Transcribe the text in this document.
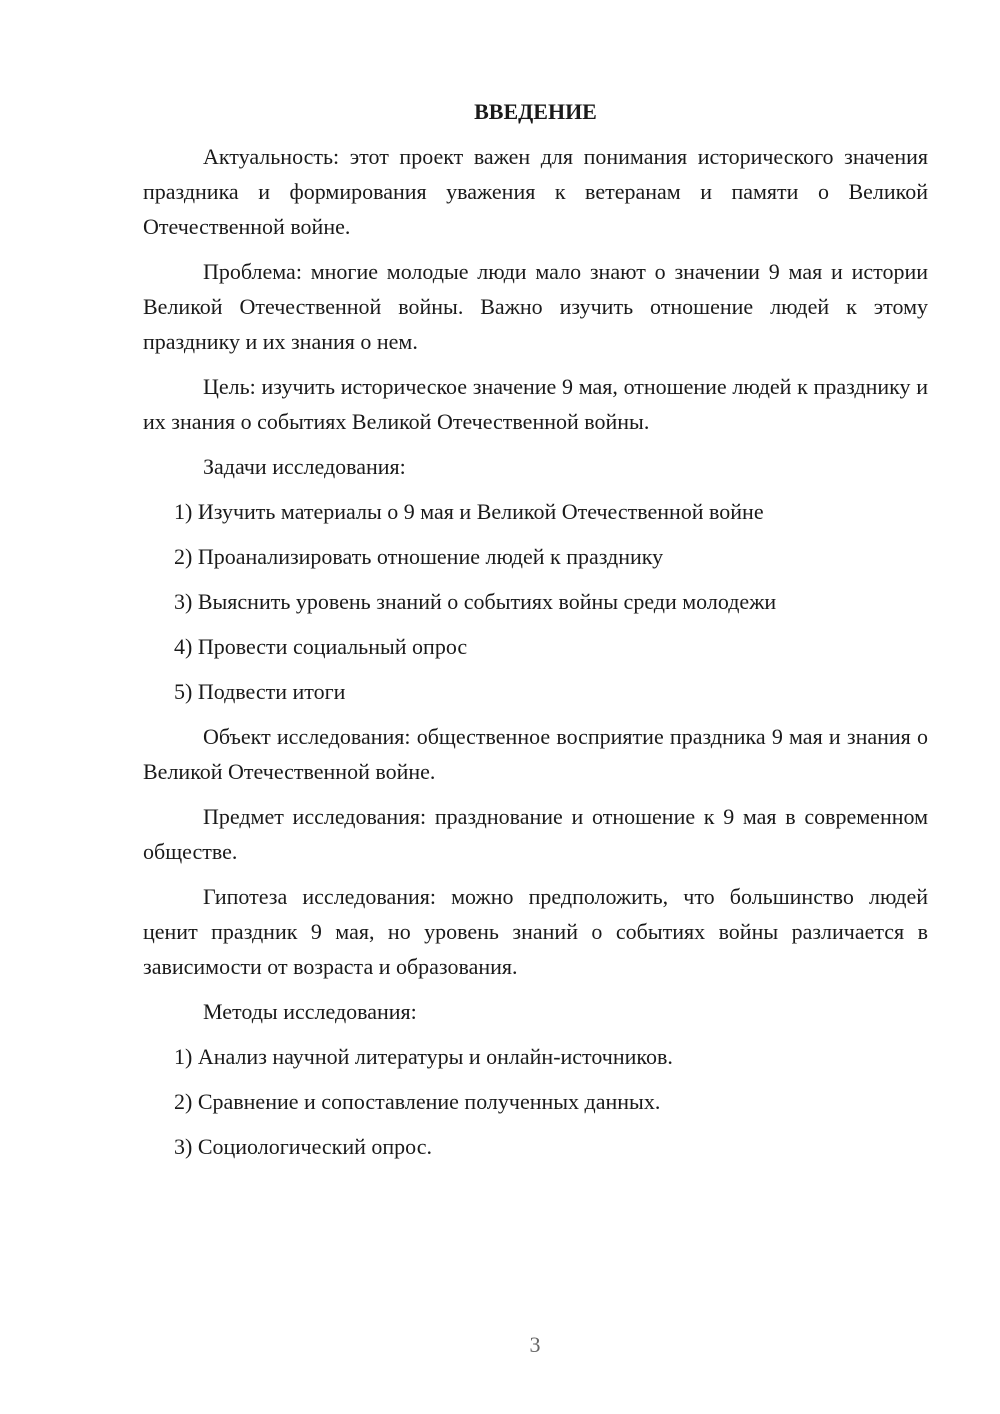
ВВЕДЕНИЕ
Актуальность: этот проект важен для понимания исторического значения праздника и формирования уважения к ветеранам и памяти о Великой Отечественной войне.
Проблема: многие молодые люди мало знают о значении 9 мая и истории Великой Отечественной войны. Важно изучить отношение людей к этому празднику и их знания о нем.
Цель: изучить историческое значение 9 мая, отношение людей к празднику и их знания о событиях Великой Отечественной войны.
Задачи исследования:
1) Изучить материалы о 9 мая и Великой Отечественной войне
2) Проанализировать отношение людей к празднику
3) Выяснить уровень знаний о событиях войны среди молодежи
4) Провести социальный опрос
5) Подвести итоги
Объект исследования: общественное восприятие праздника 9 мая и знания о Великой Отечественной войне.
Предмет исследования: празднование и отношение к 9 мая в современном обществе.
Гипотеза исследования: можно предположить, что большинство людей ценит праздник 9 мая, но уровень знаний о событиях войны различается в зависимости от возраста и образования.
Методы исследования:
1) Анализ научной литературы и онлайн-источников.
2) Сравнение и сопоставление полученных данных.
3) Социологический опрос.
3
